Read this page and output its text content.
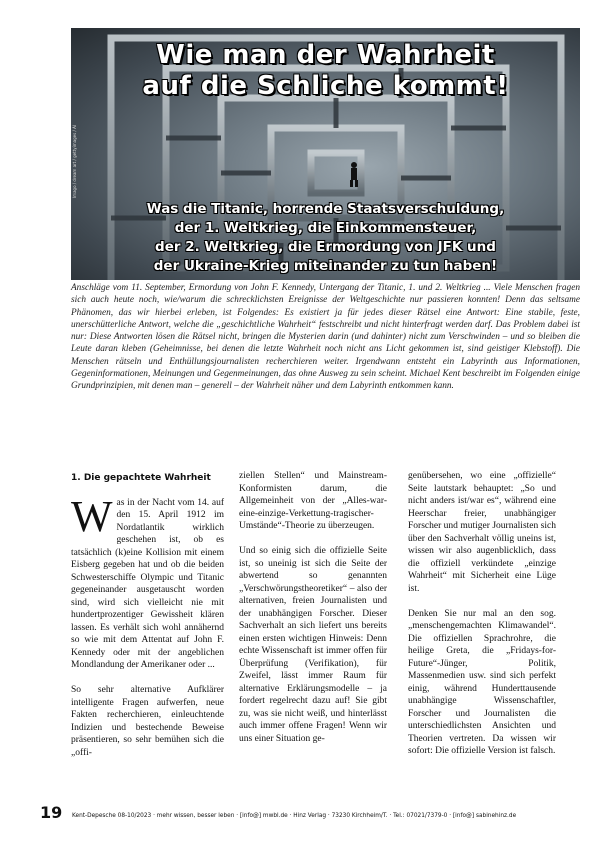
Wie man der Wahrheit
auf die Schliche kommt!
Was die Titanic, horrende Staatsverschuldung,
der 1. Weltkrieg, die Einkommensteuer,
der 2. Weltkrieg, die Ermordung von JFK und
der Ukraine-Krieg miteinander zu tun haben!
Imago / dream art / gettyimages / AI
Anschläge vom 11. September, Ermordung von John F. Kennedy, Untergang der Titanic, 1. und 2. Weltkrieg ... Viele Menschen fragen sich auch heute noch, wie/warum die schrecklichsten Ereignisse der Weltgeschichte nur passieren konnten! Denn das seltsame Phänomen, das wir hierbei erleben, ist Folgendes: Es existiert ja für jedes dieser Rätsel eine Antwort: Eine stabile, feste, unerschütterliche Antwort, welche die „geschichtliche Wahrheit“ festschreibt und nicht hinterfragt werden darf. Das Problem dabei ist nur: Diese Antworten lösen die Rätsel nicht, bringen die Mysterien darin (und dahinter) nicht zum Verschwinden – und so bleiben die Leute daran kleben (Geheimnisse, bei denen die letzte Wahrheit noch nicht ans Licht gekommen ist, sind geistiger Klebstoff). Die Menschen rätseln und Enthüllungsjournalisten recherchieren weiter. Irgendwann entsteht ein Labyrinth aus Informationen, Gegeninformationen, Meinungen und Gegenmeinungen, das ohne Ausweg zu sein scheint. Michael Kent beschreibt im Folgenden einige Grundprinzipien, mit denen man – generell – der Wahrheit näher und dem Labyrinth entkommen kann.
1. Die gepachtete Wahrheit

Was in der Nacht vom 14. auf den 15. April 1912 im Nordatlantik wirklich geschehen ist, ob es tatsächlich (k)eine Kollision mit einem Eisberg gegeben hat und ob die beiden Schwesterschiffe Olympic und Titanic gegeneinander ausgetauscht worden sind, wird sich vielleicht nie mit hundertprozentiger Gewissheit klären lassen. Es verhält sich wohl annähernd so wie mit dem Attentat auf John F. Kennedy oder mit der angeblichen Mondlandung der Amerikaner oder ...

So sehr alternative Aufklärer intelligente Fragen aufwerfen, neue Fakten recherchieren, einleuchtende Indizien und bestechende Beweise präsentieren, so sehr bemühen sich die „offi-

ziellen Stellen“ und Mainstream-Konformisten darum, die Allgemeinheit von der „Alles-war-eine-einzige-Verkettung-tragischer-Umstände“-Theorie zu überzeugen.

Und so einig sich die offizielle Seite ist, so uneinig ist sich die Seite der abwertend so genannten „Verschwörungstheoretiker“ – also der alternativen, freien Journalisten und der unabhängigen Forscher. Dieser Sachverhalt an sich liefert uns bereits einen ersten wichtigen Hinweis: Denn echte Wissenschaft ist immer offen für Überprüfung (Verifikation), für Zweifel, lässt immer Raum für alternative Erklärungsmodelle – ja fordert regelrecht dazu auf! Sie gibt zu, was sie nicht weiß, und hinterlässt auch immer offene Fragen! Wenn wir uns einer Situation ge-

genübersehen, wo eine „offizielle“ Seite lautstark behauptet: „So und nicht anders ist/war es“, während eine Heerschar freier, unabhängiger Forscher und mutiger Journalisten sich über den Sachverhalt völlig uneins ist, wissen wir also augenblicklich, dass die offiziell verkündete „einzige Wahrheit“ mit Sicherheit eine Lüge ist.

Denken Sie nur mal an den sog. „menschengemachten Klimawandel“. Die offiziellen Sprachrohre, die heilige Greta, die „Fridays-for-Future“-Jünger, Politik, Massenmedien usw. sind sich perfekt einig, während Hunderttausende unabhängige Wissenschaftler, Forscher und Journalisten die unterschiedlichsten Ansichten und Theorien vertreten. Da wissen wir sofort: Die offizielle Version ist falsch.

19 Kent-Depesche 08-10/2023 · mehr wissen, besser leben · [info@] mwbl.de · Hinz Verlag · 73230 Kirchheim/T. · Tel.: 07021/7379-0 · [info@] sabinehinz.de
